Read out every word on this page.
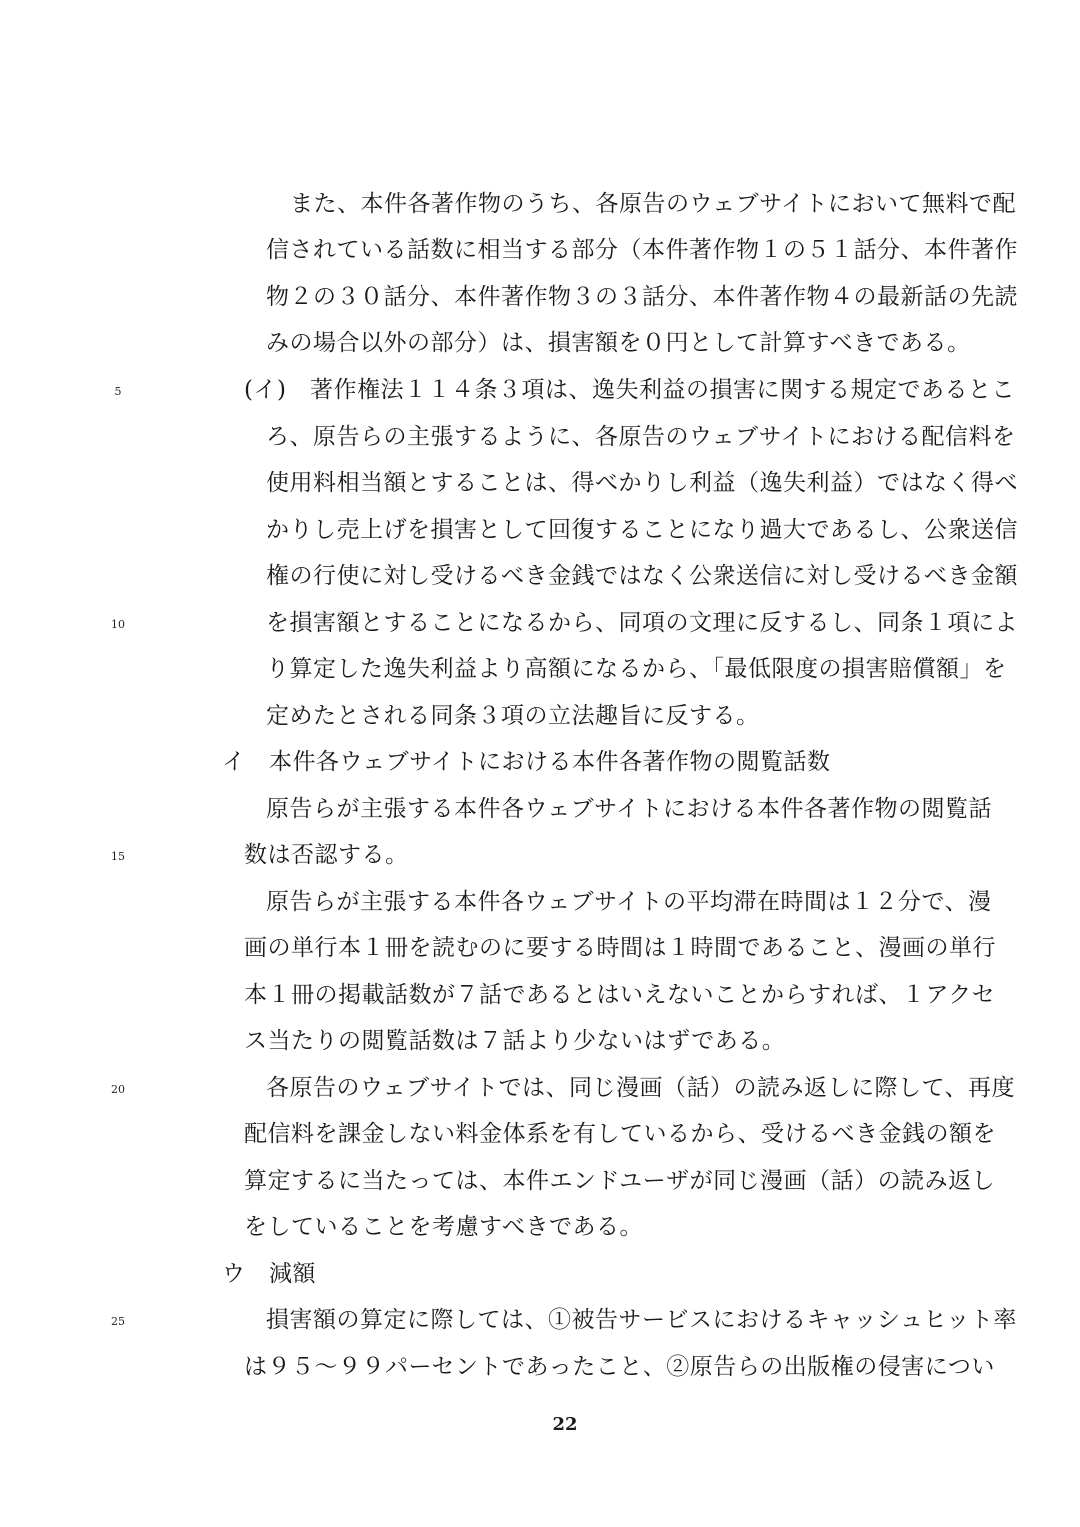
5
10
15
20
25
また、本件各著作物のうち、各原告のウェブサイトにおいて無料で配
信されている話数に相当する部分（本件著作物１の５１話分、本件著作
物２の３０話分、本件著作物３の３話分、本件著作物４の最新話の先読
みの場合以外の部分）は、損害額を０円として計算すべきである。
(イ)　著作権法１１４条３項は、逸失利益の損害に関する規定であるとこ
ろ、原告らの主張するように、各原告のウェブサイトにおける配信料を
使用料相当額とすることは、得べかりし利益（逸失利益）ではなく得べ
かりし売上げを損害として回復することになり過大であるし、公衆送信
権の行使に対し受けるべき金銭ではなく公衆送信に対し受けるべき金額
を損害額とすることになるから、同項の文理に反するし、同条１項によ
り算定した逸失利益より高額になるから、「最低限度の損害賠償額」を
定めたとされる同条３項の立法趣旨に反する。
イ　本件各ウェブサイトにおける本件各著作物の閲覧話数
原告らが主張する本件各ウェブサイトにおける本件各著作物の閲覧話
数は否認する。
原告らが主張する本件各ウェブサイトの平均滞在時間は１２分で、漫
画の単行本１冊を読むのに要する時間は１時間であること、漫画の単行
本１冊の掲載話数が７話であるとはいえないことからすれば、１アクセ
ス当たりの閲覧話数は７話より少ないはずである。
各原告のウェブサイトでは、同じ漫画（話）の読み返しに際して、再度
配信料を課金しない料金体系を有しているから、受けるべき金銭の額を
算定するに当たっては、本件エンドユーザが同じ漫画（話）の読み返し
をしていることを考慮すべきである。
ウ　減額
損害額の算定に際しては、①被告サービスにおけるキャッシュヒット率
は９５～９９パーセントであったこと、②原告らの出版権の侵害につい
22
